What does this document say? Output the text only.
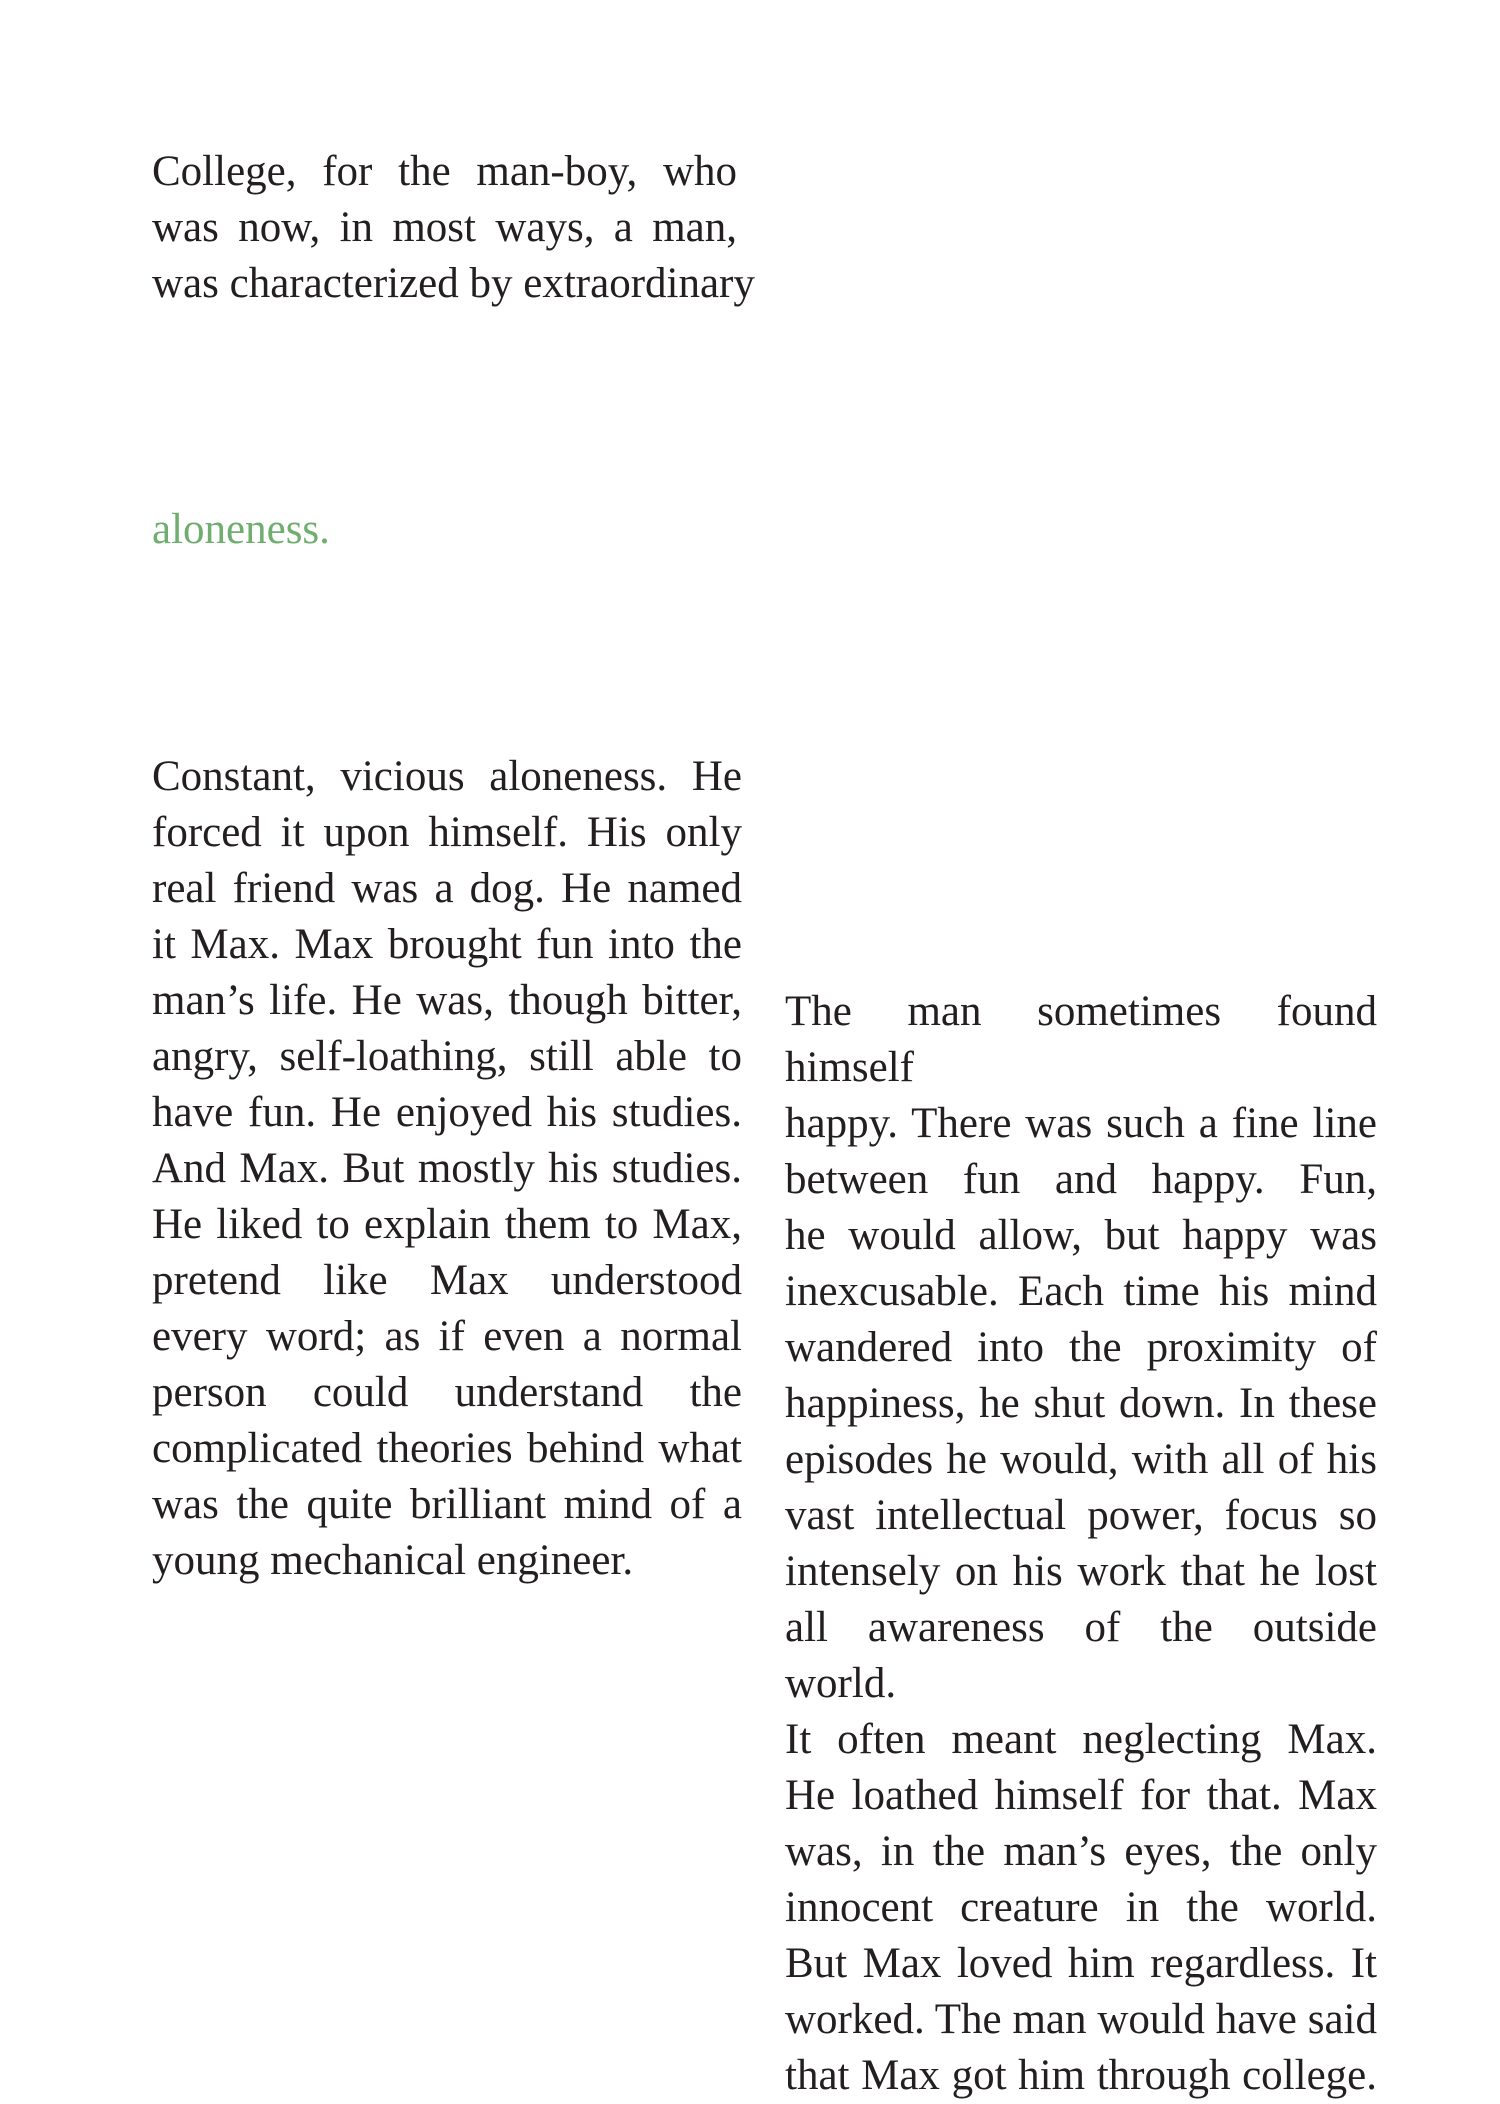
College, for the man-boy, who
was now, in most ways, a man,
was characterized by extraordinary

aloneness.

Constant, vicious aloneness. He
forced it upon himself. His only
real friend was a dog. He named
it Max. Max brought fun into the
man’s life. He was, though bitter,
angry, self-loathing, still able to
have fun. He enjoyed his studies.
And Max. But mostly his studies.
He liked to explain them to Max,
pretend like Max understood
every word; as if even a normal
person could understand the
complicated theories behind what
was the quite brilliant mind of a
young mechanical engineer.

The man sometimes found himself
happy. There was such a fine line
between fun and happy. Fun,
he would allow, but happy was
inexcusable. Each time his mind
wandered into the proximity of
happiness, he shut down. In these
episodes he would, with all of his
vast intellectual power, focus so
intensely on his work that he lost
all awareness of the outside world.
It often meant neglecting Max.
He loathed himself for that. Max
was, in the man’s eyes, the only
innocent creature in the world.
But Max loved him regardless. It
worked. The man would have said
that Max got him through college.
